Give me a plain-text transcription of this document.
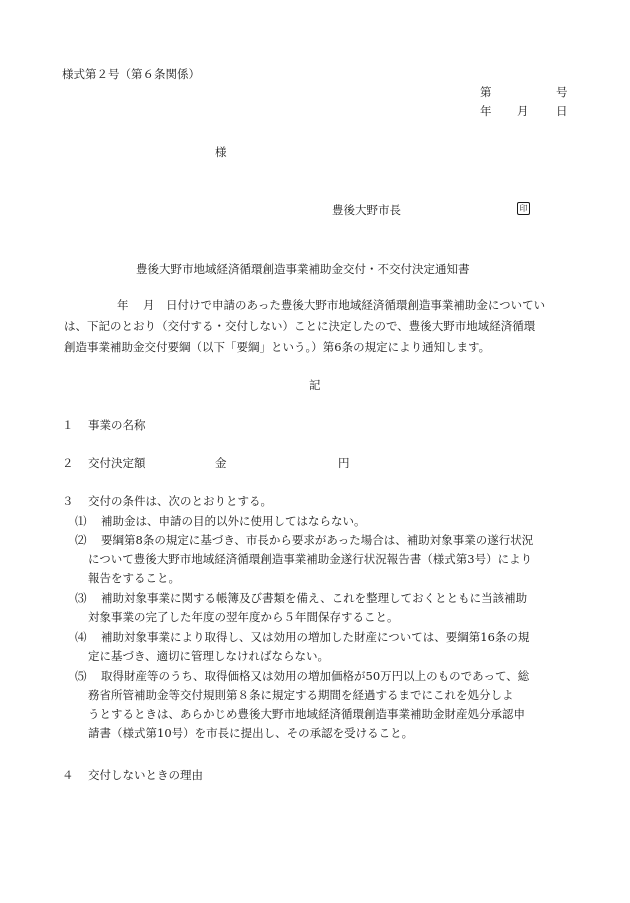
様式第２号（第６条関係）
第	号
年 月 日
様
豊後大野市長	印
豊後大野市地域経済循環創造事業補助金交付・不交付決定通知書
年 月 日付けで申請のあった豊後大野市地域経済循環創造事業補助金についてい
は、下記のとおり（交付する・交付しない）ことに決定したので、豊後大野市地域経済循環
創造事業補助金交付要綱（以下「要綱」という。）第6条の規定により通知します。
記
１ 事業の名称
２ 交付決定額	金	円
３ 交付の条件は、次のとおりとする。
⑴ 補助金は、申請の目的以外に使用してはならない。
⑵ 要綱第8条の規定に基づき、市長から要求があった場合は、補助対象事業の遂行状況
について豊後大野市地域経済循環創造事業補助金遂行状況報告書（様式第3号）により
報告をすること。
⑶ 補助対象事業に関する帳簿及び書類を備え、これを整理しておくとともに当該補助
対象事業の完了した年度の翌年度から５年間保存すること。
⑷ 補助対象事業により取得し、又は効用の増加した財産については、要綱第16条の規
定に基づき、適切に管理しなければならない。
⑸ 取得財産等のうち、取得価格又は効用の増加価格が50万円以上のものであって、総
務省所管補助金等交付規則第８条に規定する期間を経過するまでにこれを処分しよ
うとするときは、あらかじめ豊後大野市地域経済循環創造事業補助金財産処分承認申
請書（様式第10号）を市長に提出し、その承認を受けること。
４ 交付しないときの理由
